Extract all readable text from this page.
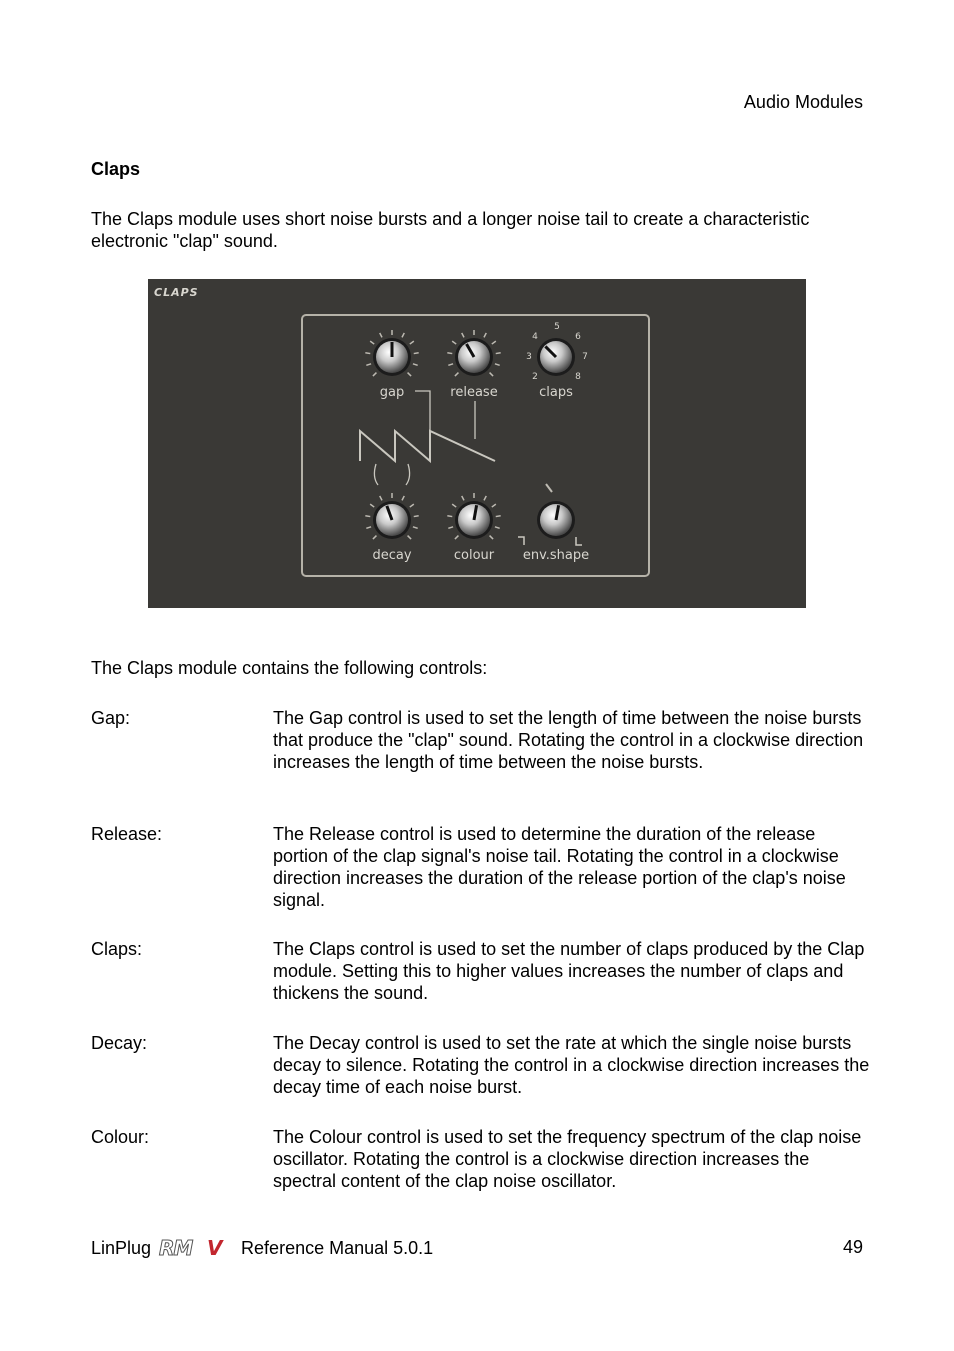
Audio Modules
Claps
The Claps module uses short noise bursts and a longer noise tail to create a characteristic electronic "clap" sound.
CLAPS
gap	release	claps
decay	colour env.shape
2
3
4
5
6
7
8
The Claps module contains the following controls:
Gap:	The Gap control is used to set the length of time between the noise bursts that produce the "clap" sound. Rotating the control in a clockwise direction increases the length of time between the noise bursts.
Release:	The Release control is used to determine the duration of the release portion of the clap signal's noise tail. Rotating the control in a clockwise direction increases the duration of the release portion of the clap's noise signal.
Claps:	The Claps control is used to set the number of claps produced by the Clap module. Setting this to higher values increases the number of claps and thickens the sound.
Decay:	The Decay control is used to set the rate at which the single noise bursts decay to silence. Rotating the control in a clockwise direction increases the decay time of each noise burst.
Colour:	The Colour control is used to set the frequency spectrum of the clap noise oscillator. Rotating the control is a clockwise direction increases the spectral content of the clap noise oscillator.
LinPlug RM V Reference Manual 5.0.1	49
